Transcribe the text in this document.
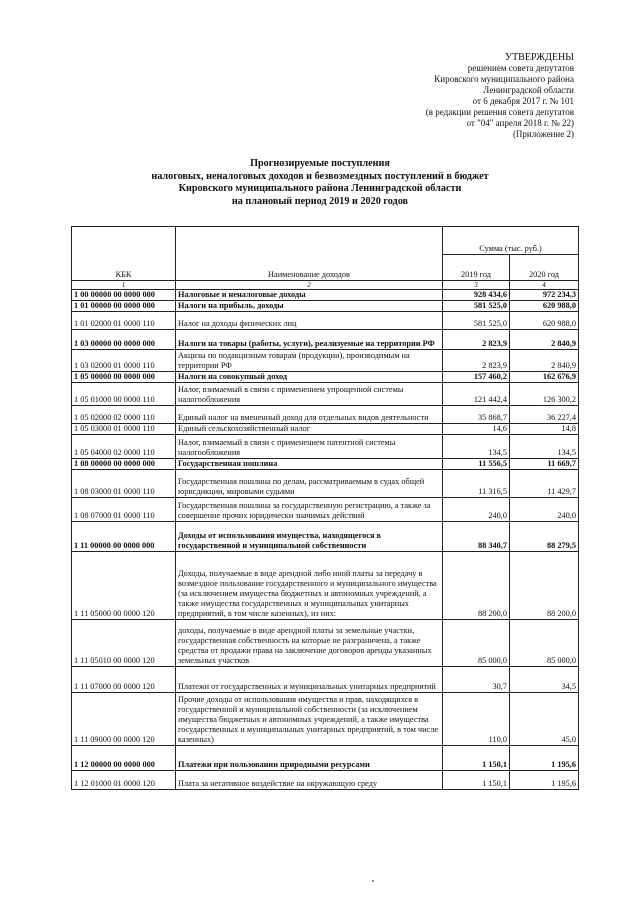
УТВЕРЖДЕНЫ
решением совета депутатов
Кировского муниципального района
Ленинградской области
от 6 декабря 2017 г. № 101
(в редакции решения совета депутатов
от "04" апреля 2018 г. № 22)
(Приложение 2)
Прогнозируемые поступления
налоговых, неналоговых доходов и безвозмездных поступлений в бюджет
Кировского муниципального района Ленинградской области
на плановый период 2019 и 2020 годов
КБК	Наименование доходов	Сумма (тыс. руб.)	
		2019 год	2020 год
1	2	3	4
1 00 00000 00 0000 000	Налоговые и неналоговые доходы	928 434,6	972 234,3
1 01 00000 00 0000 000	Налоги на прибыль, доходы	581 525,0	620 988,0
1 01 02000 01 0000 110	Налог на доходы физических лиц	581 525,0	620 988,0
1 03 00000 00 0000 000	Налоги на товары (работы, услуги), реализуемые на территории РФ	2 823,9	2 840,9
1 03 02000 01 0000 110	Акцизы по подакцизным товарам (продукции), производимым на территории РФ	2 823,9	2 840,9
1 05 00000 00 0000 000	Налоги на совокупный доход	157 460,2	162 676,9
1 05 01000 00 0000 110	Налог, взимаемый в связи с применением упрощенной системы налогообложения	121 442,4	126 300,2
1 05 02000 02 0000 110	Единый налог на вмененный доход для отдельных видов деятельности	35 868,7	36 227,4
1 05 03000 01 0000 110	Единый сельскохозяйственный налог	14,6	14,8
1 05 04000 02 0000 110	Налог, взимаемый в связи с применением патентной системы налогообложения	134,5	134,5
1 08 00000 00 0000 000	Государственная пошлина	11 556,5	11 669,7
1 08 03000 01 0000 110	Государственная пошлина по делам, рассматриваемым в судах общей юрисдикции, мировыми судьями	11 316,5	11 429,7
1 08 07000 01 0000 110	Государственная пошлина за государственную регистрацию, а также за совершение прочих юридически значимых действий	240,0	240,0
1 11 00000 00 0000 000	Доходы от использования имущества, находящегося в государственной и муниципальной собственности	88 340,7	88 279,5
1 11 05000 00 0000 120	Доходы, получаемые в виде арендной либо иной платы за передачу в возмездное пользование государственного и муниципального имущества (за исключением имущества бюджетных и автономных учреждений, а также имущества государственных и муниципальных унитарных предприятий, в том числе казенных), из них:	88 200,0	88 200,0
1 11 05010 00 0000 120	доходы, получаемые в виде арендной платы за земельные участки, государственная собственность на которые не разграничена, а также средства от продажи права на заключение договоров аренды указанных земельных участков	85 000,0	85 000,0
1 11 07000 00 0000 120	Платежи от государственных и муниципальных унитарных предприятий	30,7	34,5
1 11 09000 00 0000 120	Прочие доходы от использования имущества и прав, находящихся в государственной и муниципальной собственности (за исключением имущества бюджетных и автономных учреждений, а также имущества государственных и муниципальных унитарных предприятий, в том числе казенных)	110,0	45,0
1 12 00000 00 0000 000	Платежи при пользовании природными ресурсами	1 150,1	1 195,6
1 12 01000 01 0000 120	Плата за негативное воздействие на окружающую среду	1 150,1	1 195,6
